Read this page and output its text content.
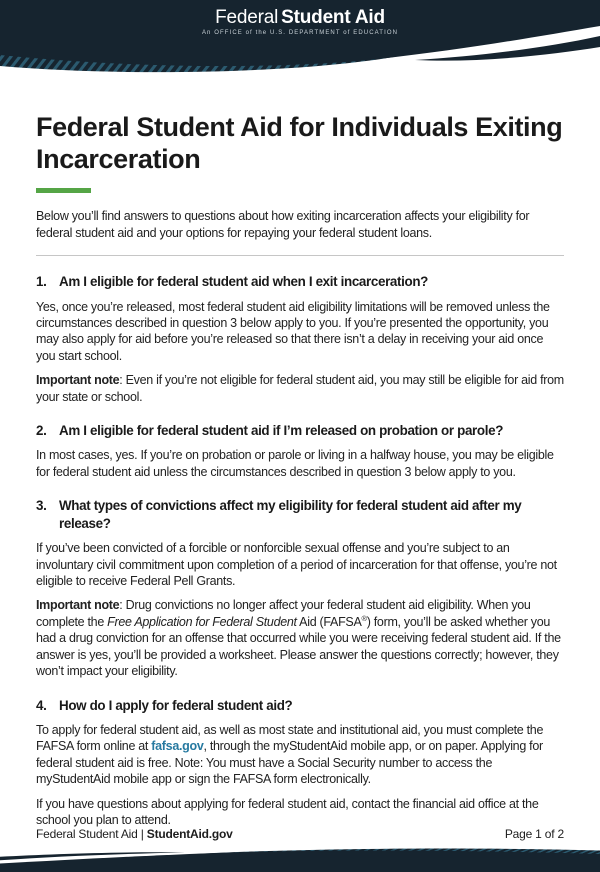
Federal Student Aid
An OFFICE of the U.S. DEPARTMENT of EDUCATION
Federal Student Aid for Individuals Exiting Incarceration

Below you’ll find answers to questions about how exiting incarceration affects your eligibility for federal student aid and your options for repaying your federal student loans.

1. Am I eligible for federal student aid when I exit incarceration?

Yes, once you’re released, most federal student aid eligibility limitations will be removed unless the circumstances described in question 3 below apply to you. If you’re presented the opportunity, you may also apply for aid before you’re released so that there isn’t a delay in receiving your aid once you start school.

Important note: Even if you’re not eligible for federal student aid, you may still be eligible for aid from your state or school.

2. Am I eligible for federal student aid if I’m released on probation or parole?

In most cases, yes. If you’re on probation or parole or living in a halfway house, you may be eligible for federal student aid unless the circumstances described in question 3 below apply to you.

3. What types of convictions affect my eligibility for federal student aid after my release?

If you’ve been convicted of a forcible or nonforcible sexual offense and you’re subject to an involuntary civil commitment upon completion of a period of incarceration for that offense, you’re not eligible to receive Federal Pell Grants.

Important note: Drug convictions no longer affect your federal student aid eligibility. When you complete the Free Application for Federal Student Aid (FAFSA®) form, you’ll be asked whether you had a drug conviction for an offense that occurred while you were receiving federal student aid. If the answer is yes, you’ll be provided a worksheet. Please answer the questions correctly; however, they won’t impact your eligibility.

4. How do I apply for federal student aid?

To apply for federal student aid, as well as most state and institutional aid, you must complete the FAFSA form online at fafsa.gov, through the myStudentAid mobile app, or on paper. Applying for federal student aid is free. Note: You must have a Social Security number to access the myStudentAid mobile app or sign the FAFSA form electronically.

If you have questions about applying for federal student aid, contact the financial aid office at the school you plan to attend.

Federal Student Aid | StudentAid.gov	Page 1 of 2
